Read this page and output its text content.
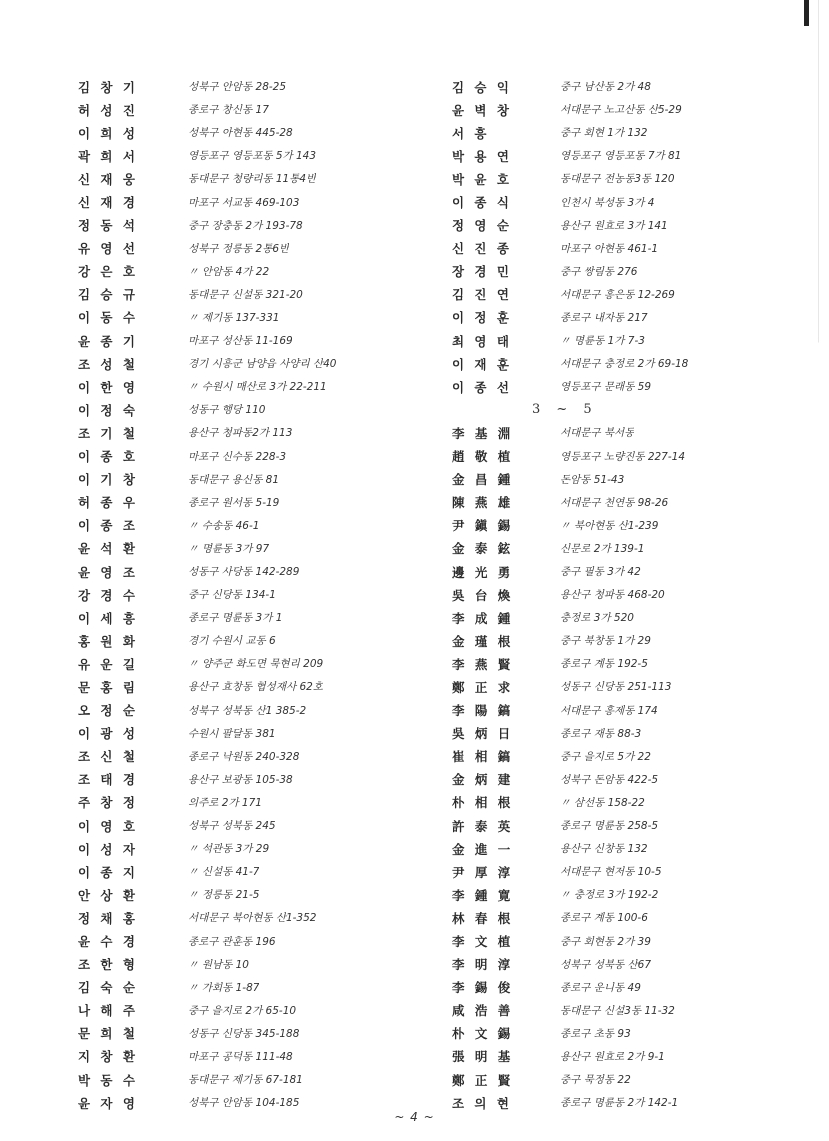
김 창 기	성북구 안암동 28-25
허 성 진	종로구 창신동 17
이 희 성	성북구 아현동 445-28
곽 희 서	영등포구 영등포동 5가 143
신 재 웅	동대문구 청량리동 11통4반
신 재 경	마포구 서교동 469-103
정 동 석	중구 장충동 2가 193-78
유 영 선	성북구 정릉동 2통6반
강 은 호	〃 안암동 4가 22
김 승 규	동대문구 신설동 321-20
이 동 수	〃 제기동 137-331
윤 종 기	마포구 성산동 11-169
조 성 철	경기 시흥군 남양읍 사양리 산40
이 한 영	〃 수원시 매산로 3가 22-211
이 정 숙	성동구 행당 110
조 기 철	용산구 청파동2가 113
이 종 호	마포구 신수동 228-3
이 기 창	동대문구 용신동 81
허 종 우	종로구 원서동 5-19
이 종 조	〃 수송동 46-1
윤 석 환	〃 명륜동 3가 97
윤 영 조	성동구 사당동 142-289
강 경 수	중구 신당동 134-1
이 세 흥	종로구 명륜동 3가 1
홍 원 화	경기 수원시 교동 6
유 운 길	〃 양주군 화도면 묵현리 209
문 홍 림	용산구 효창동 협성재사 62호
오 정 순	성북구 성북동 산1 385-2
이 광 성	수원시 팔달동 381
조 신 철	종로구 낙원동 240-328
조 태 경	용산구 보광동 105-38
주 창 정	의주로 2가 171
이 영 호	성북구 성북동 245
이 성 자	〃 석관동 3가 29
이 종 지	〃 신설동 41-7
안 상 환	〃 정릉동 21-5
정 채 홍	서대문구 북아현동 산1-352
윤 수 경	종로구 관훈동 196
조 한 형	〃 원남동 10
김 숙 순	〃 가회동 1-87
나 해 주	중구 을지로 2가 65-10
문 희 철	성동구 신당동 345-188
지 창 환	마포구 공덕동 111-48
박 동 수	동대문구 제기동 67-181
윤 자 영	성북구 안암동 104-185
김 승 익	중구 남산동 2가 48
윤 벽 창	서대문구 노고산동 산5-29
서 흥	중구 회현 1가 132
박 용 연	영등포구 영등포동 7가 81
박 윤 호	동대문구 전농동3동 120
이 종 식	인천시 북성동 3가 4
정 영 순	용산구 원효로 3가 141
신 진 종	마포구 아현동 461-1
장 경 민	중구 쌍림동 276
김 진 연	서대문구 홍은동 12-269
이 정 훈	종로구 내자동 217
최 영 태	〃 명륜동 1가 7-3
이 재 훈	서대문구 충정로 2가 69-18
이 종 선	영등포구 문래동 59
3 ~ 5
李 基 淵	서대문구 북서동
趙 敬 植	영등포구 노량진동 227-14
金 昌 鍾	돈암동 51-43
陳 燕 雄	서대문구 천연동 98-26
尹 鎭 錫	〃 북아현동 산1-239
金 泰 鉉	신문로 2가 139-1
邊 光 勇	중구 필동 3가 42
吳 台 煥	용산구 청파동 468-20
李 成 鍾	충정로 3가 520
金 瑾 根	중구 북창동 1가 29
李 燕 賢	종로구 계동 192-5
鄭 正 求	성동구 신당동 251-113
李 陽 鎬	서대문구 홍제동 174
吳 炳 日	종로구 재동 88-3
崔 相 鎬	중구 을지로 5가 22
金 炳 建	성북구 돈암동 422-5
朴 相 根	〃 삼선동 158-22
許 泰 英	종로구 명륜동 258-5
金 進 一	용산구 신창동 132
尹 厚 淳	서대문구 현저동 10-5
李 鍾 寛	〃 충정로 3가 192-2
林 春 根	종로구 계동 100-6
李 文 植	중구 회현동 2가 39
李 明 淳	성북구 성북동 산67
李 錫 俊	종로구 운니동 49
咸 浩 善	동대문구 신설3동 11-32
朴 文 錫	종로구 초동 93
張 明 基	용산구 원효로 2가 9-1
鄭 正 賢	중구 묵정동 22
조 의 현	종로구 명륜동 2가 142-1
~ 4 ~
